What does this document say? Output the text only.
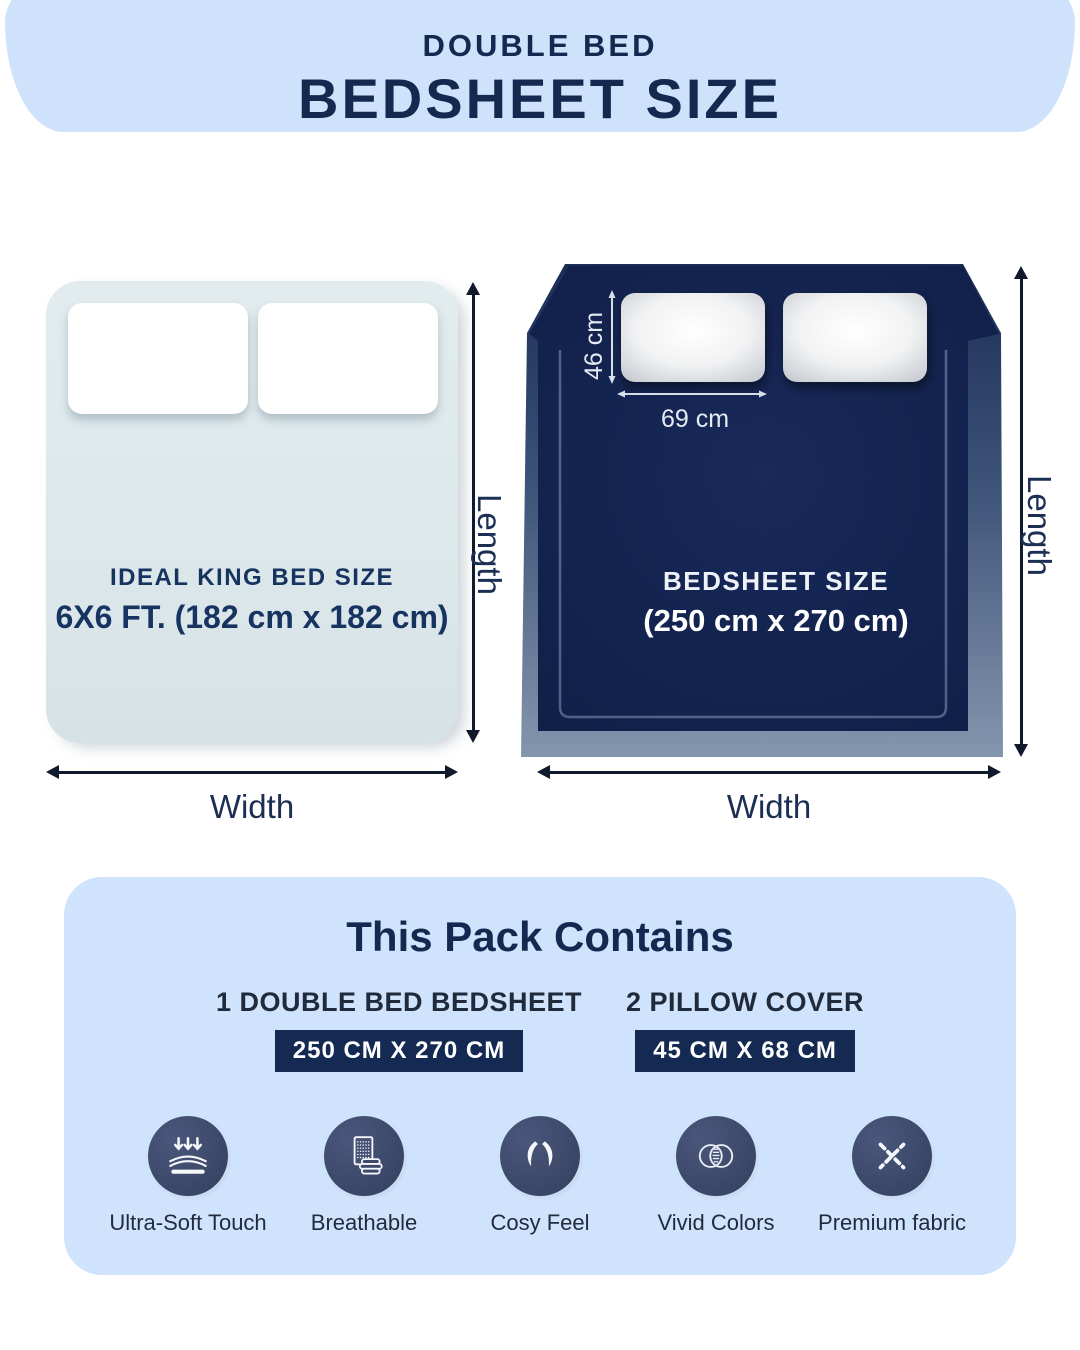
DOUBLE BED
BEDSHEET SIZE
IDEAL KING BED SIZE
6X6 FT. (182 cm x 182 cm)
Length
Width
46 cm
69 cm
BEDSHEET SIZE
(250 cm x 270 cm)
Length
Width
This Pack Contains
1 DOUBLE BED BEDSHEET
250 CM X 270 CM
2 PILLOW COVER
45 CM X 68 CM
Ultra-Soft Touch Breathable	Cosy Feel	Vivid Colors Premium fabric
